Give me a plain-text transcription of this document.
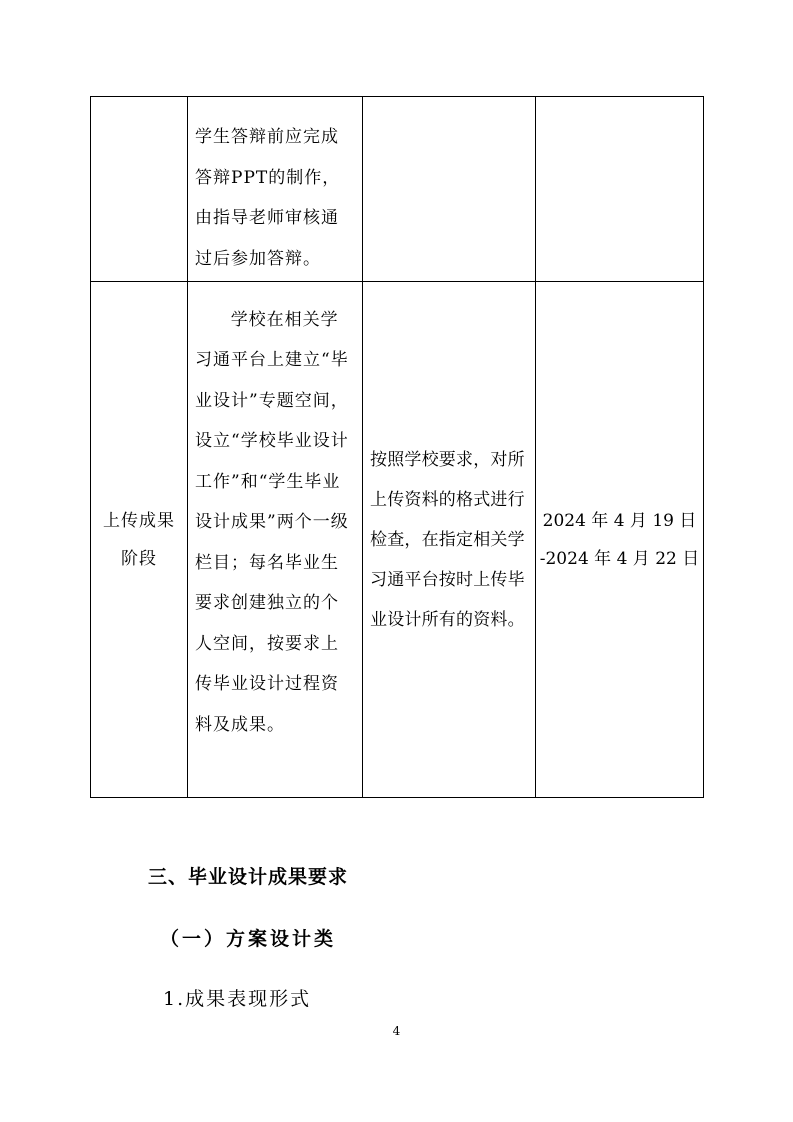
	学生答辩前应完成答辩PPT的制作，由指导老师审核通过后参加答辩。		

上传成果
阶段	学校在相关学习通平台上建立“毕业设计”专题空间，设立“学校毕业设计工作”和“学生毕业设计成果”两个一级栏目；每名毕业生要求创建独立的个人空间，按要求上传毕业设计过程资料及成果。	按照学校要求，对所上传资料的格式进行检查，在指定相关学习通平台按时上传毕业设计所有的资料。	2024 年 4 月 19 日
-2024 年 4 月 22 日
三、毕业设计成果要求
（一）方案设计类

1.成果表现形式

4
